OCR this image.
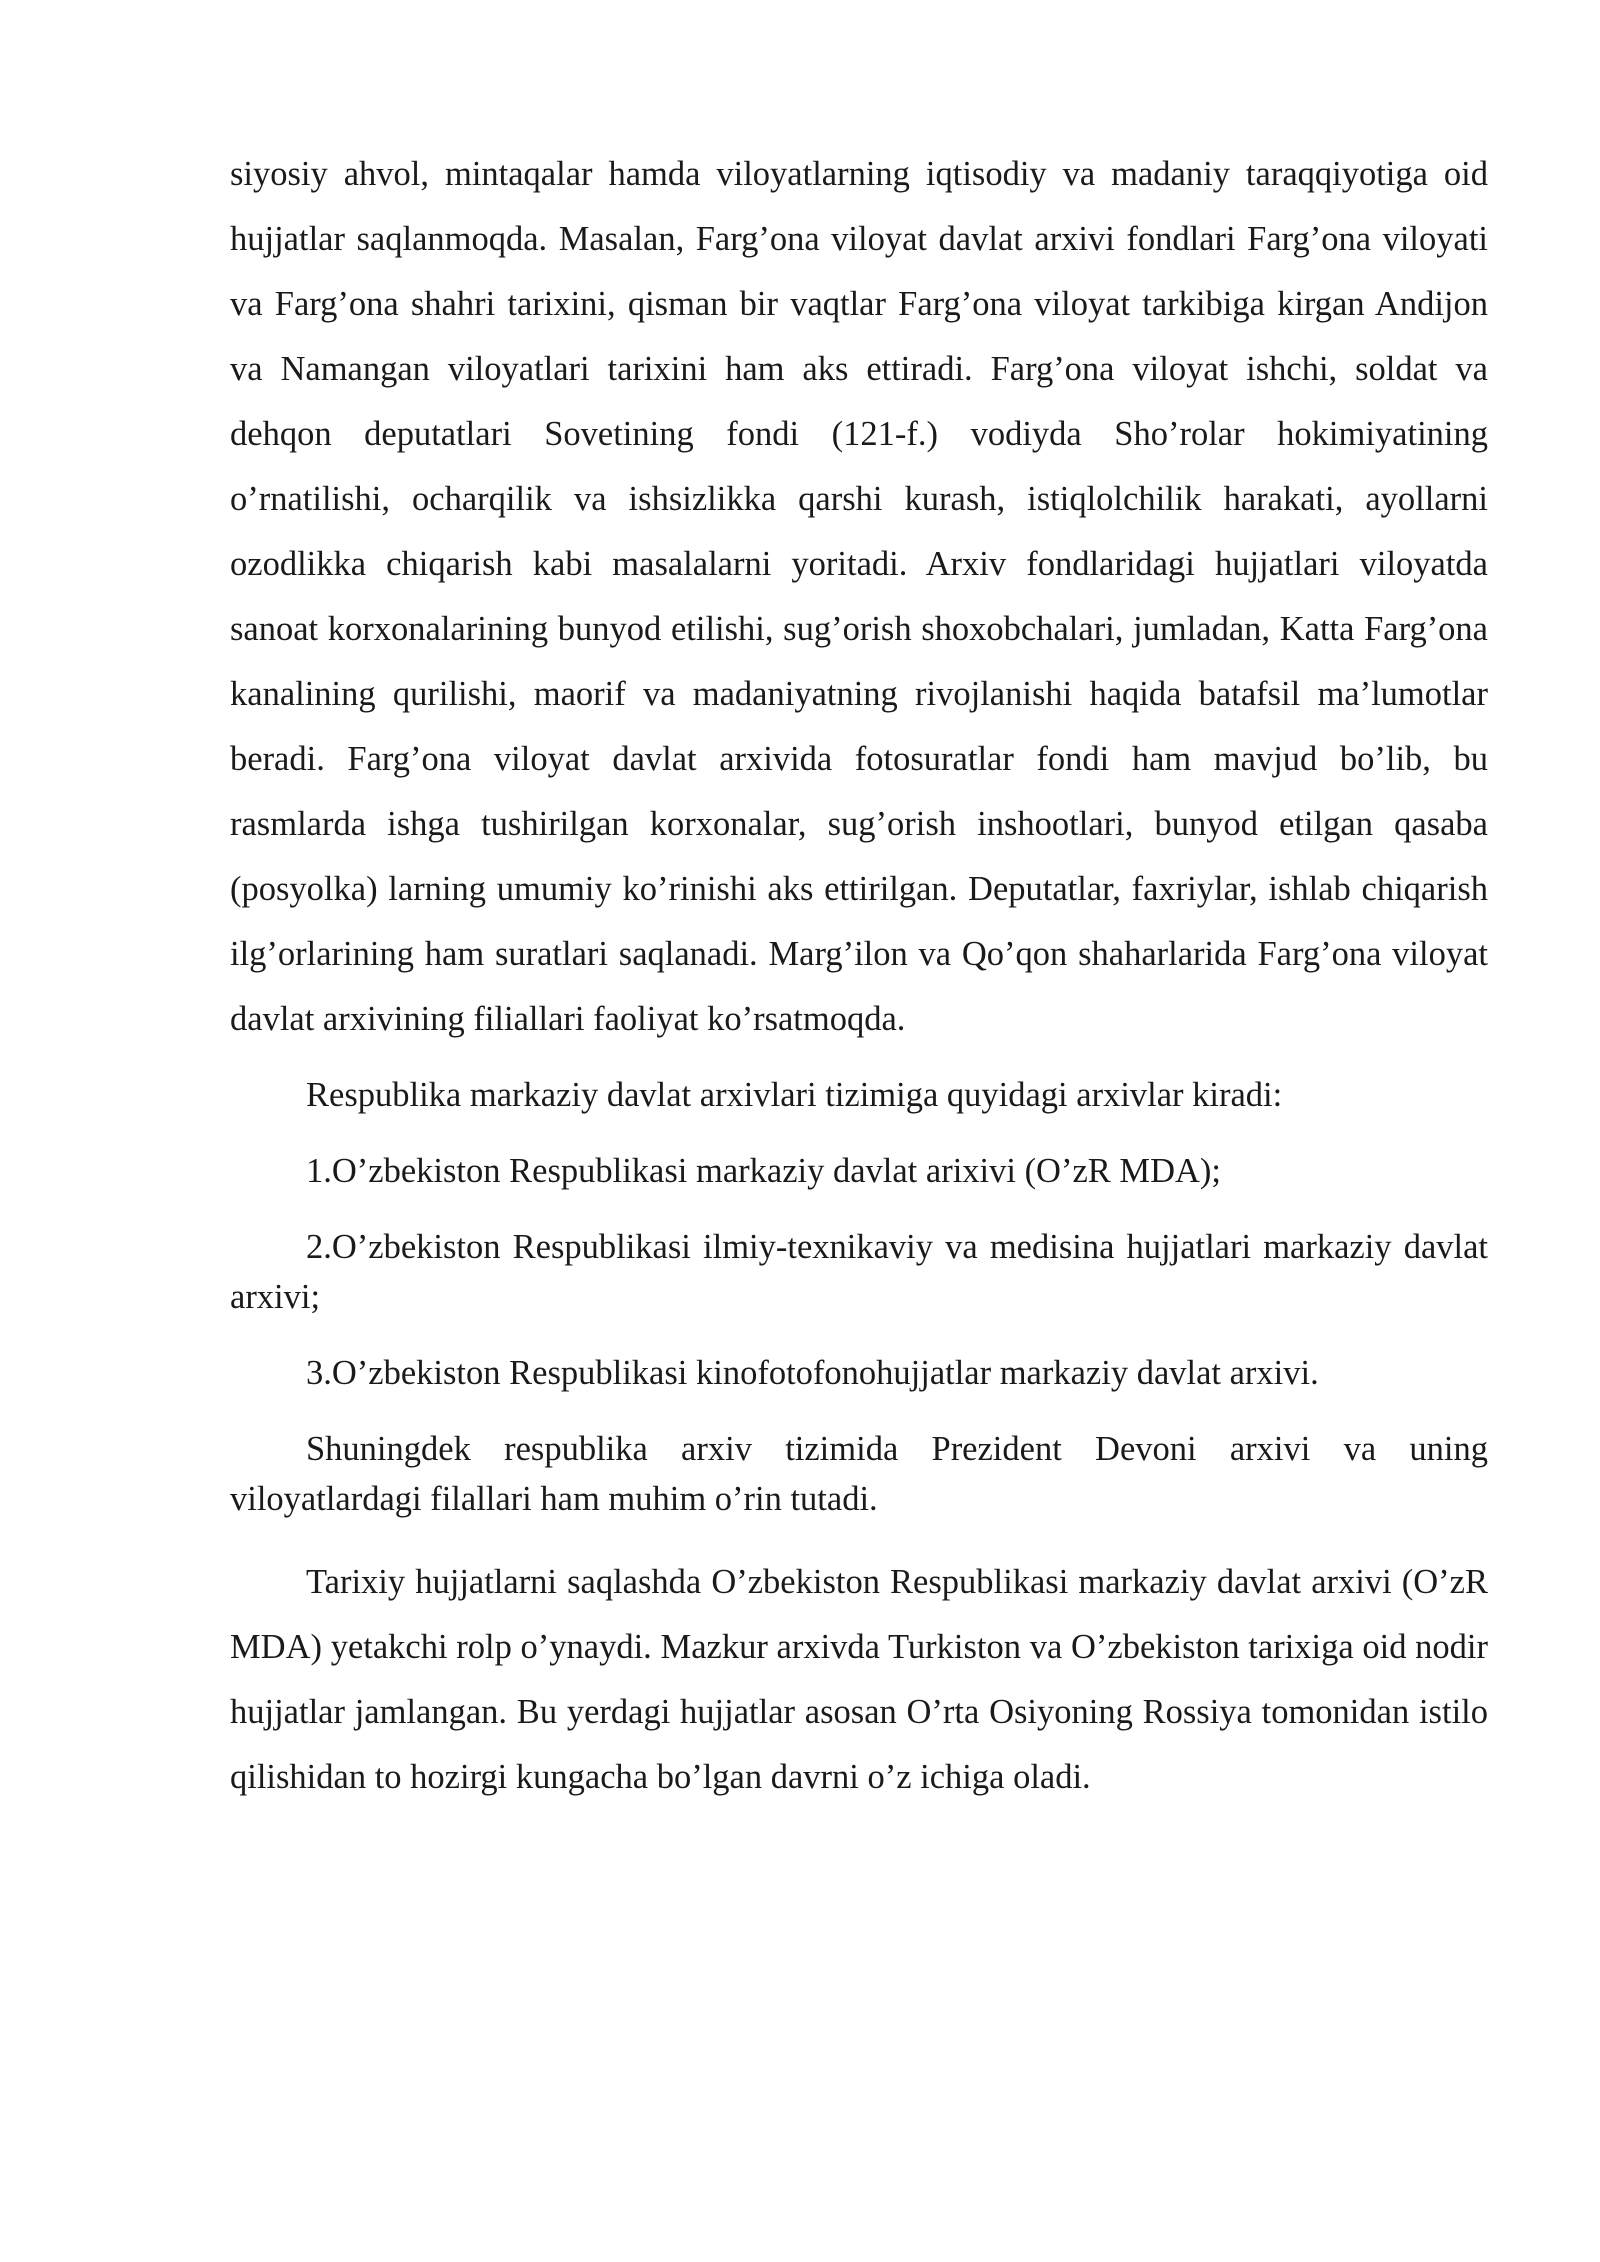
siyosiy ahvol, mintaqalar hamda viloyatlarning iqtisodiy va madaniy taraqqiyotiga oid hujjatlar saqlanmoqda. Masalan, Farg’ona viloyat davlat arxivi fondlari Farg’ona viloyati va Farg’ona shahri tarixini, qisman bir vaqtlar Farg’ona viloyat tarkibiga kirgan Andijon va Namangan viloyatlari tarixini ham aks ettiradi. Farg’ona viloyat ishchi, soldat va dehqon deputatlari Sovetining fondi (121-f.) vodiyda Sho’rolar hokimiyatining o’rnatilishi, ocharqilik va ishsizlikka qarshi kurash, istiqlolchilik harakati, ayollarni ozodlikka chiqarish kabi masalalarni yoritadi. Arxiv fondlaridagi hujjatlari viloyatda sanoat korxonalarining bunyod etilishi, sug’orish shoxobchalari, jumladan, Katta Farg’ona kanalining qurilishi, maorif va madaniyatning rivojlanishi haqida batafsil ma’lumotlar beradi. Farg’ona viloyat davlat arxivida fotosuratlar fondi ham mavjud bo’lib, bu rasmlarda ishga tushirilgan korxonalar, sug’orish inshootlari, bunyod etilgan qasaba (posyolka) larning umumiy ko’rinishi aks ettirilgan. Deputatlar, faxriylar, ishlab chiqarish ilg’orlarining ham suratlari saqlanadi. Marg’ilon va Qo’qon shaharlarida Farg’ona viloyat davlat arxivining filiallari faoliyat ko’rsatmoqda.

Respublika markaziy davlat arxivlari tizimiga quyidagi arxivlar kiradi:

1.O’zbekiston Respublikasi markaziy davlat arixivi (O’zR MDA);

2.O’zbekiston Respublikasi ilmiy-texnikaviy va medisina hujjatlari markaziy davlat arxivi;

3.O’zbekiston Respublikasi kinofotofonohujjatlar markaziy davlat arxivi.

Shuningdek respublika arxiv tizimida Prezident Devoni arxivi va uning viloyatlardagi filallari ham muhim o’rin tutadi.

Tarixiy hujjatlarni saqlashda O’zbekiston Respublikasi markaziy davlat arxivi (O’zR MDA) yetakchi rolp o’ynaydi. Mazkur arxivda Turkiston va O’zbekiston tarixiga oid nodir hujjatlar jamlangan. Bu yerdagi hujjatlar asosan O’rta Osiyoning Rossiya tomonidan istilo qilishidan to hozirgi kungacha bo’lgan davrni o’z ichiga oladi.
